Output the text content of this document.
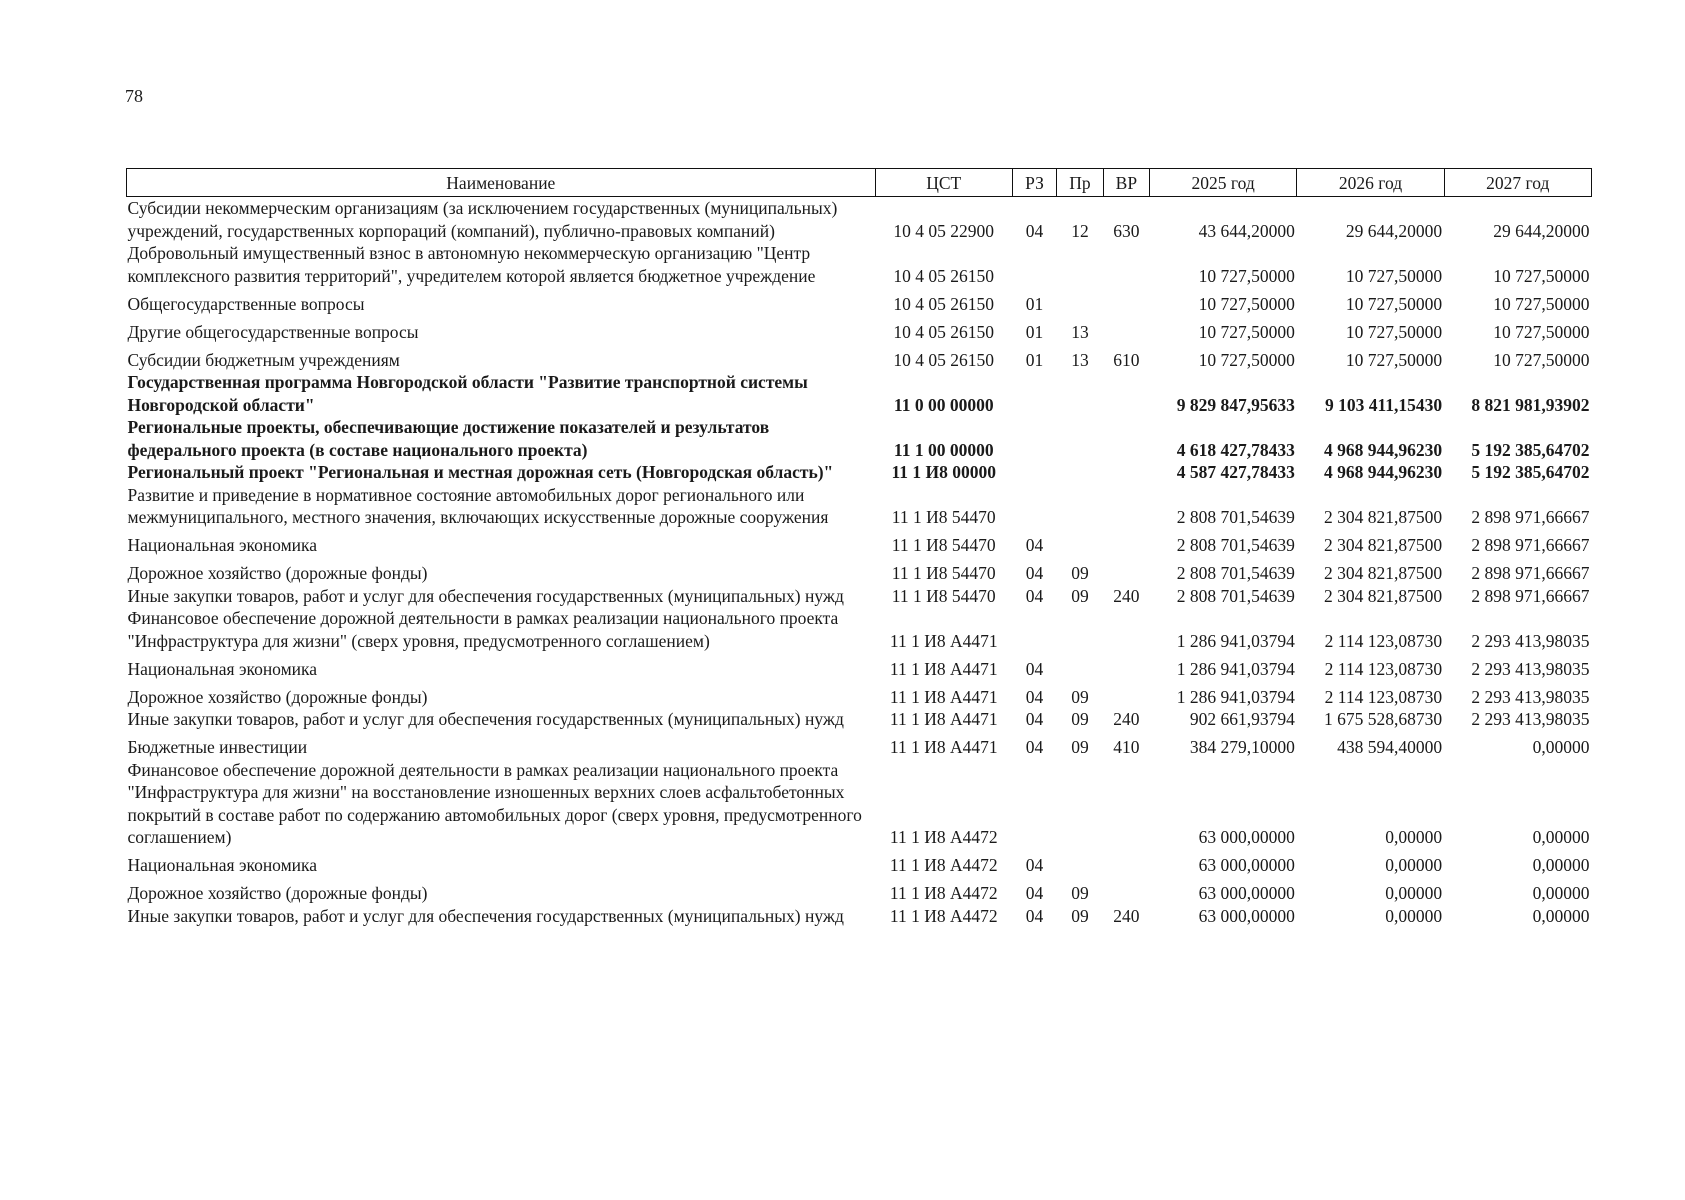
78
Наименование	ЦСТ	РЗ	Пр	ВР	2025 год	2026 год	2027 год
Субсидии некоммерческим организациям (за исключением государственных (муниципальных) учреждений, государственных корпораций (компаний), публично-правовых компаний)	10 4 05 22900	04	12	630	43 644,20000	29 644,20000	29 644,20000
Добровольный имущественный взнос в автономную некоммерческую организацию "Центр комплексного развития территорий", учредителем которой является бюджетное учреждение	10 4 05 26150				10 727,50000	10 727,50000	10 727,50000
Общегосударственные вопросы	10 4 05 26150	01			10 727,50000	10 727,50000	10 727,50000
Другие общегосударственные вопросы	10 4 05 26150	01	13		10 727,50000	10 727,50000	10 727,50000
Субсидии бюджетным учреждениям	10 4 05 26150	01	13	610	10 727,50000	10 727,50000	10 727,50000
Государственная программа Новгородской области "Развитие транспортной системы Новгородской области"	11 0 00 00000				9 829 847,95633	9 103 411,15430	8 821 981,93902
Региональные проекты, обеспечивающие достижение показателей и результатов федерального проекта (в составе национального проекта)	11 1 00 00000				4 618 427,78433	4 968 944,96230	5 192 385,64702
Региональный проект "Региональная и местная дорожная сеть (Новгородская область)"	11 1 И8 00000				4 587 427,78433	4 968 944,96230	5 192 385,64702
Развитие и приведение в нормативное состояние автомобильных дорог регионального или межмуниципального, местного значения, включающих искусственные дорожные сооружения	11 1 И8 54470				2 808 701,54639	2 304 821,87500	2 898 971,66667
Национальная экономика	11 1 И8 54470	04			2 808 701,54639	2 304 821,87500	2 898 971,66667
Дорожное хозяйство (дорожные фонды)	11 1 И8 54470	04	09		2 808 701,54639	2 304 821,87500	2 898 971,66667
Иные закупки товаров, работ и услуг для обеспечения государственных (муниципальных) нужд	11 1 И8 54470	04	09	240	2 808 701,54639	2 304 821,87500	2 898 971,66667
Финансовое обеспечение дорожной деятельности в рамках реализации национального проекта "Инфраструктура для жизни" (сверх уровня, предусмотренного соглашением)	11 1 И8 А4471				1 286 941,03794	2 114 123,08730	2 293 413,98035
Национальная экономика	11 1 И8 А4471	04			1 286 941,03794	2 114 123,08730	2 293 413,98035
Дорожное хозяйство (дорожные фонды)	11 1 И8 А4471	04	09		1 286 941,03794	2 114 123,08730	2 293 413,98035
Иные закупки товаров, работ и услуг для обеспечения государственных (муниципальных) нужд	11 1 И8 А4471	04	09	240	902 661,93794	1 675 528,68730	2 293 413,98035
Бюджетные инвестиции	11 1 И8 А4471	04	09	410	384 279,10000	438 594,40000	0,00000
Финансовое обеспечение дорожной деятельности в рамках реализации национального проекта "Инфраструктура для жизни" на восстановление изношенных верхних слоев асфальтобетонных покрытий в составе работ по содержанию автомобильных дорог (сверх уровня, предусмотренного соглашением)	11 1 И8 А4472				63 000,00000	0,00000	0,00000
Национальная экономика	11 1 И8 А4472	04			63 000,00000	0,00000	0,00000
Дорожное хозяйство (дорожные фонды)	11 1 И8 А4472	04	09		63 000,00000	0,00000	0,00000
Иные закупки товаров, работ и услуг для обеспечения государственных (муниципальных) нужд	11 1 И8 А4472	04	09	240	63 000,00000	0,00000	0,00000
